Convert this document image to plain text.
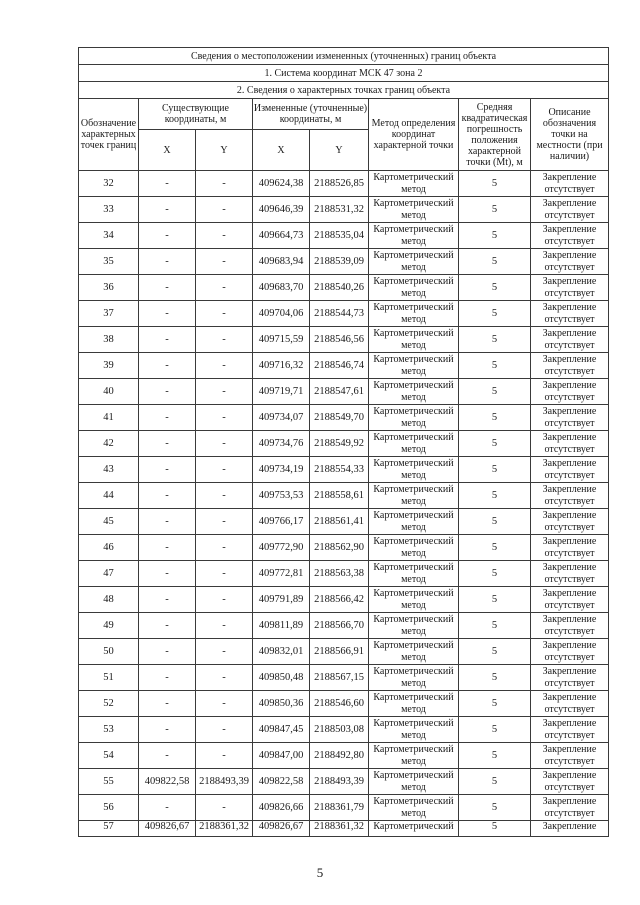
Сведения о местоположении измененных (уточненных) границ объекта							
1. Система координат МСК 47 зона 2							
2. Сведения о характерных точках границ объекта							
Обозначение характерных точек границ	Существующие координаты, м		Измененные (уточненные) координаты, м		Метод определения координат характерной точки	Средняя квадратическая погрешность положения характерной точки (Mt), м	Описание обозначения точки на местности (при наличии)
	X	Y	X	Y			
32	-	-	409624,38	2188526,85	Картометрический метод	5	Закрепление отсутствует
33	-	-	409646,39	2188531,32	Картометрический метод	5	Закрепление отсутствует
34	-	-	409664,73	2188535,04	Картометрический метод	5	Закрепление отсутствует
35	-	-	409683,94	2188539,09	Картометрический метод	5	Закрепление отсутствует
36	-	-	409683,70	2188540,26	Картометрический метод	5	Закрепление отсутствует
37	-	-	409704,06	2188544,73	Картометрический метод	5	Закрепление отсутствует
38	-	-	409715,59	2188546,56	Картометрический метод	5	Закрепление отсутствует
39	-	-	409716,32	2188546,74	Картометрический метод	5	Закрепление отсутствует
40	-	-	409719,71	2188547,61	Картометрический метод	5	Закрепление отсутствует
41	-	-	409734,07	2188549,70	Картометрический метод	5	Закрепление отсутствует
42	-	-	409734,76	2188549,92	Картометрический метод	5	Закрепление отсутствует
43	-	-	409734,19	2188554,33	Картометрический метод	5	Закрепление отсутствует
44	-	-	409753,53	2188558,61	Картометрический метод	5	Закрепление отсутствует
45	-	-	409766,17	2188561,41	Картометрический метод	5	Закрепление отсутствует
46	-	-	409772,90	2188562,90	Картометрический метод	5	Закрепление отсутствует
47	-	-	409772,81	2188563,38	Картометрический метод	5	Закрепление отсутствует
48	-	-	409791,89	2188566,42	Картометрический метод	5	Закрепление отсутствует
49	-	-	409811,89	2188566,70	Картометрический метод	5	Закрепление отсутствует
50	-	-	409832,01	2188566,91	Картометрический метод	5	Закрепление отсутствует
51	-	-	409850,48	2188567,15	Картометрический метод	5	Закрепление отсутствует
52	-	-	409850,36	2188546,60	Картометрический метод	5	Закрепление отсутствует
53	-	-	409847,45	2188503,08	Картометрический метод	5	Закрепление отсутствует
54	-	-	409847,00	2188492,80	Картометрический метод	5	Закрепление отсутствует
55	409822,58	2188493,39	409822,58	2188493,39	Картометрический метод	5	Закрепление отсутствует
56	-	-	409826,66	2188361,79	Картометрический метод	5	Закрепление отсутствует
57	409826,67	2188361,32	409826,67	2188361,32	Картометрический	5	Закрепление
5
